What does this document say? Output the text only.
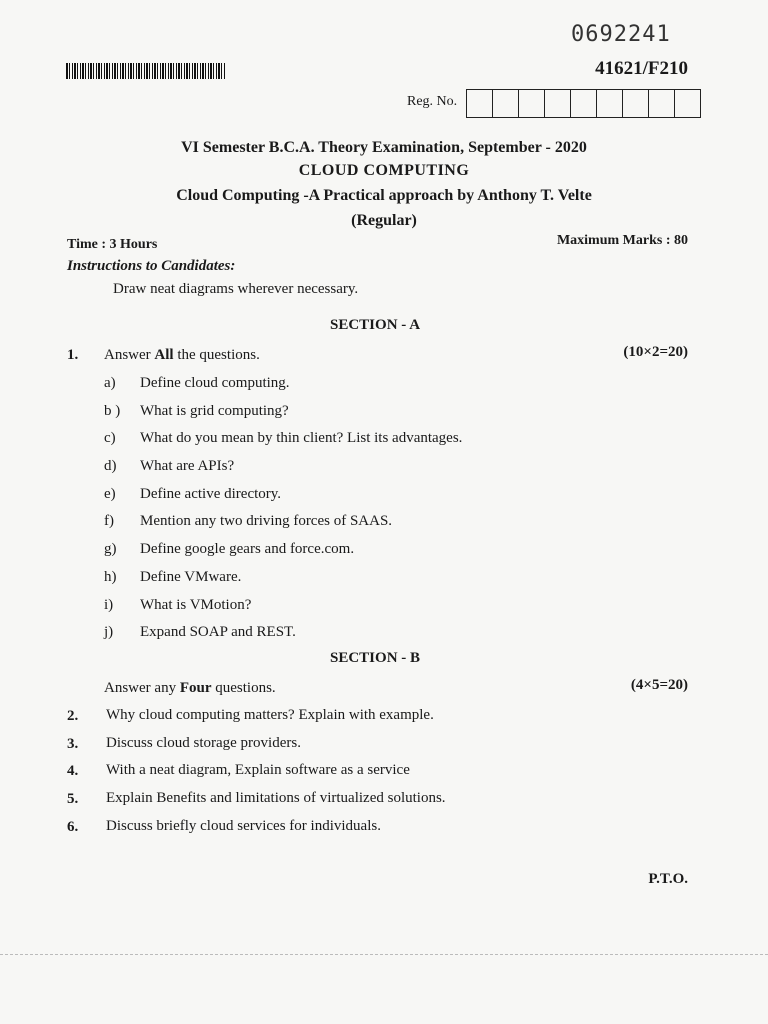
0692241
41621/F210
Reg. No.
VI Semester B.C.A. Theory Examination, September - 2020
CLOUD COMPUTING
Cloud Computing -A Practical approach by Anthony T. Velte
(Regular)
Time : 3 Hours	Maximum Marks : 80
Instructions to Candidates:
Draw neat diagrams wherever necessary.
SECTION - A
1. Answer All the questions.	(10×2=20)
a)	Define cloud computing.
b )	What is grid computing?
c)	What do you mean by thin client? List its advantages.
d)	What are APIs?
e)	Define active directory.
f)	Mention any two driving forces of SAAS.
g)	Define google gears and force.com.
h)	Define VMware.
i)	What is VMotion?
j)	Expand SOAP and REST.
SECTION - B
Answer any Four questions.	(4×5=20)
2. Why cloud computing matters? Explain with example.
3. Discuss cloud storage providers.
4. With a neat diagram, Explain software as a service
5. Explain Benefits and limitations of virtualized solutions.
6. Discuss briefly cloud services for individuals.
P.T.O.
